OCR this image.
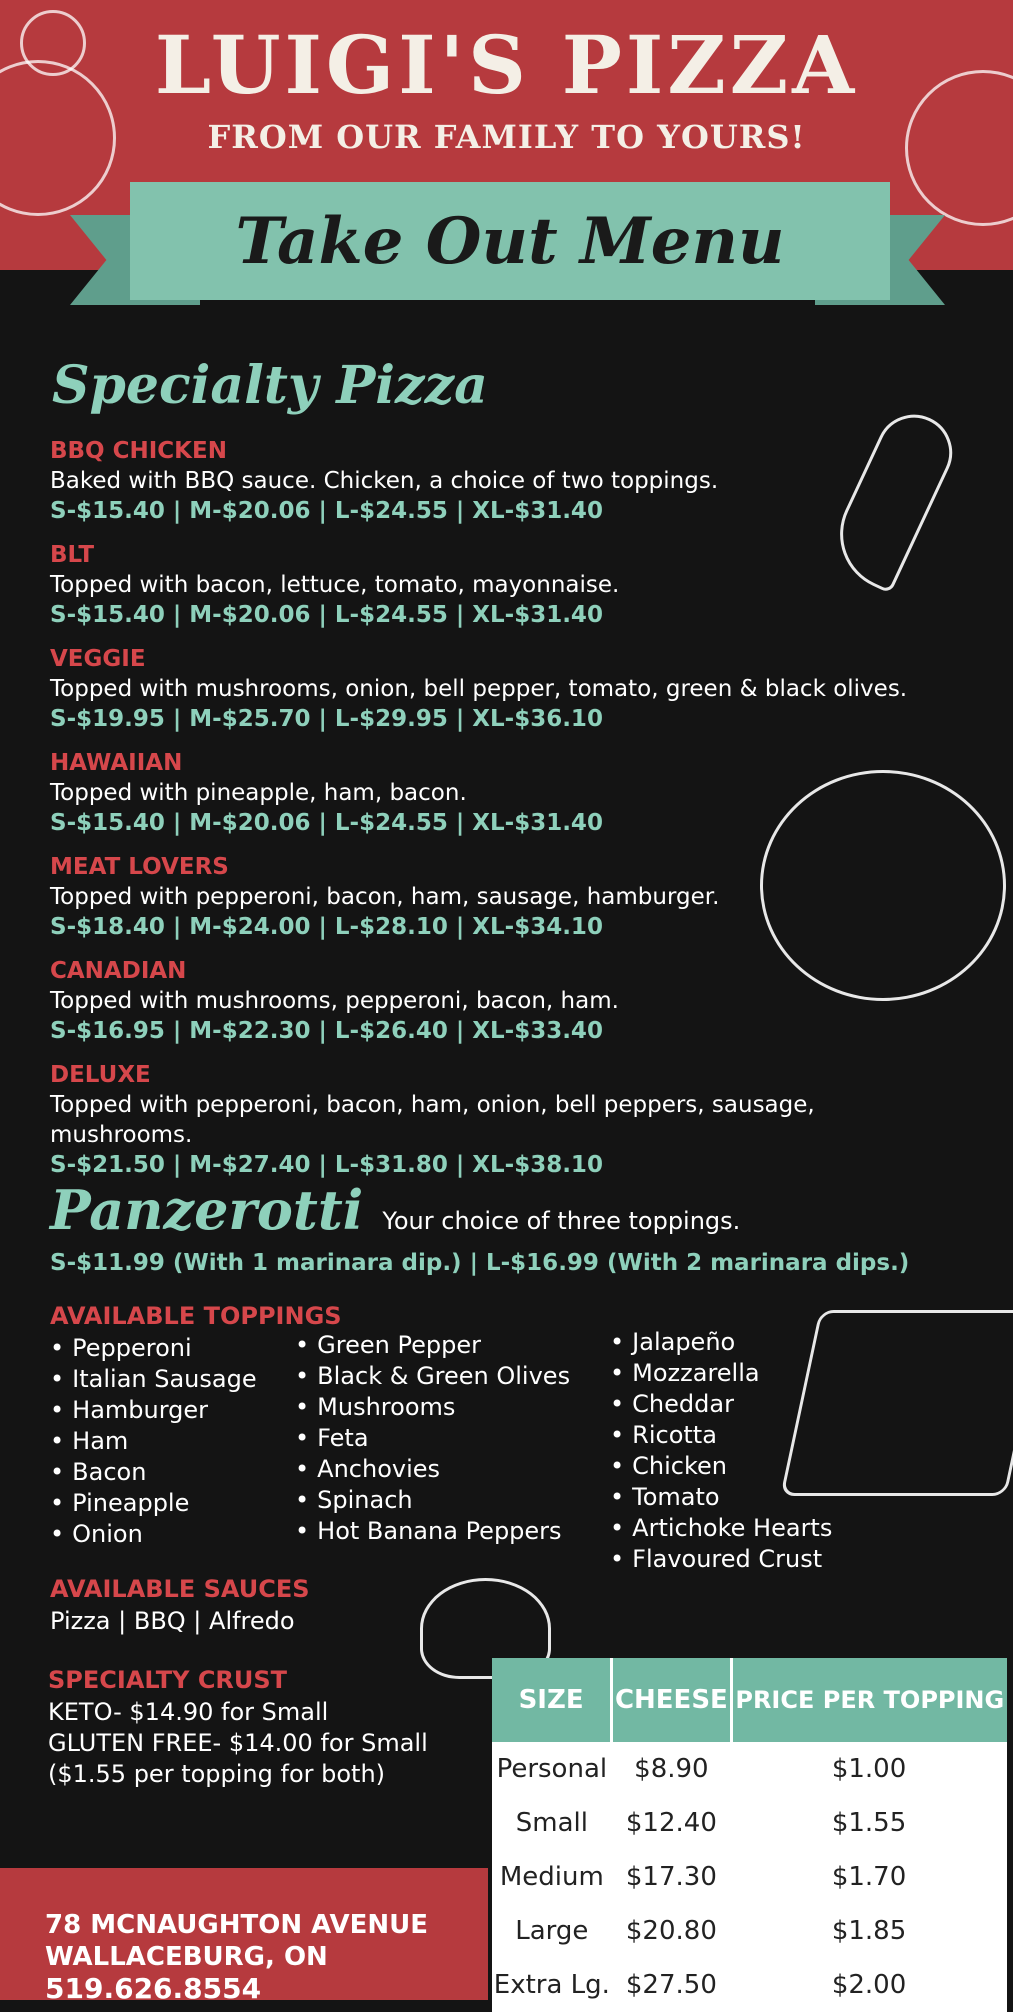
LUIGI'S PIZZA
FROM OUR FAMILY TO YOURS!
Take Out Menu
Specialty Pizza
BBQ CHICKEN
Baked with BBQ sauce. Chicken, a choice of two toppings.
S-$15.40 | M-$20.06 | L-$24.55 | XL-$31.40
BLT
Topped with bacon, lettuce, tomato, mayonnaise.
S-$15.40 | M-$20.06 | L-$24.55 | XL-$31.40
VEGGIE
Topped with mushrooms, onion, bell pepper, tomato, green & black olives.
S-$19.95 | M-$25.70 | L-$29.95 | XL-$36.10
HAWAIIAN
Topped with pineapple, ham, bacon.
S-$15.40 | M-$20.06 | L-$24.55 | XL-$31.40
MEAT LOVERS
Topped with pepperoni, bacon, ham, sausage, hamburger.
S-$18.40 | M-$24.00 | L-$28.10 | XL-$34.10
CANADIAN
Topped with mushrooms, pepperoni, bacon, ham.
S-$16.95 | M-$22.30 | L-$26.40 | XL-$33.40
DELUXE
Topped with pepperoni, bacon, ham, onion, bell peppers, sausage, mushrooms.
S-$21.50 | M-$27.40 | L-$31.80 | XL-$38.10
Panzerotti Your choice of three toppings.
S-$11.99 (With 1 marinara dip.) | L-$16.99 (With 2 marinara dips.)
AVAILABLE TOPPINGS
• Pepperoni
• Italian Sausage
• Hamburger
• Ham
• Bacon
• Pineapple
• Onion
• Green Pepper
• Black & Green Olives
• Mushrooms
• Feta
• Anchovies
• Spinach
• Hot Banana Peppers
• Jalapeño
• Mozzarella
• Cheddar
• Ricotta
• Chicken
• Tomato
• Artichoke Hearts
• Flavoured Crust
AVAILABLE SAUCES
Pizza | BBQ | Alfredo
SPECIALTY CRUST
KETO- $14.90 for Small
GLUTEN FREE- $14.00 for Small
($1.55 per topping for both)
SIZE	CHEESE	PRICE PER TOPPING
Personal	$8.90	$1.00
Small	$12.40	$1.55
Medium	$17.30	$1.70
Large	$20.80	$1.85
Extra Lg.	$27.50	$2.00
78 MCNAUGHTON AVENUE
WALLACEBURG, ON
519.626.8554
